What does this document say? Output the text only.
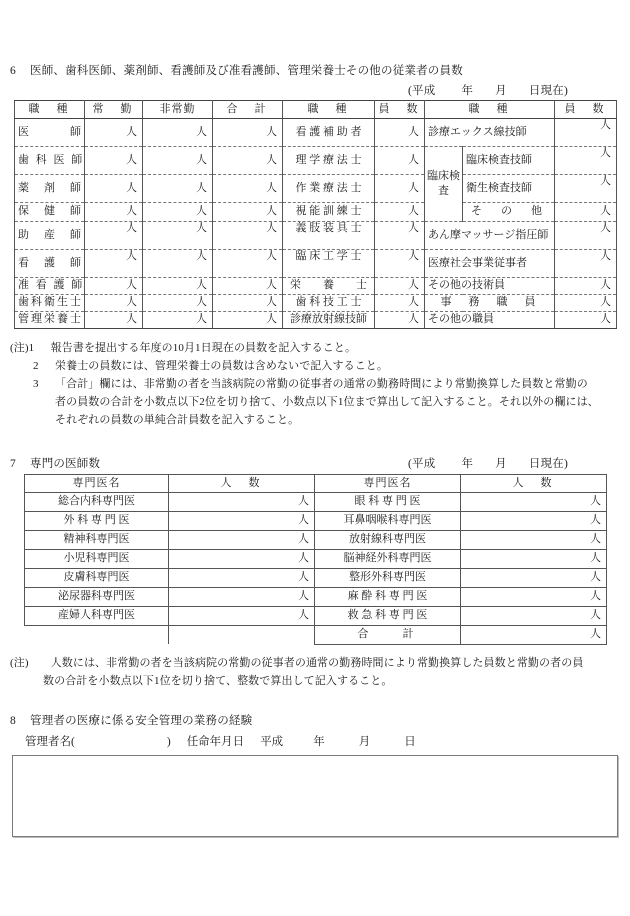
6 医師、歯科医師、薬剤師、看護師及び准看護師、管理栄養士その他の従業者の員数
(平成 年 月 日現在)
職　種	常　勤	非常勤	合　計	職　種	員　数	職　種		員　数
医　　　師	人	人	人	看 護 補 助 者	人	診療エックス線技師		人
歯 科 医 師	人	人	人	理 学 療 法 士	人	臨床検査	臨床検査技師	人
薬　剤　師	人	人	人	作 業 療 法 士	人		衛生検査技師	人
保　健　師	人	人	人	視 能 訓 練 士	人		そ　の　他	人
助　産　師	人	人	人	義 肢 装 具 士	人	あん摩マッサージ指圧師		人
看　護　師	人	人	人	臨 床 工 学 士	人	医療社会事業従事者		人
准 看 護 師	人	人	人	栄　　養　　士	人	その他の技術員		人
歯科衛生士	人	人	人	歯 科 技 工 士	人	事　務　職　員		人
管理栄養士	人	人	人	診療放射線技師	人	その他の職員		人
(注)1 報告書を提出する年度の10月1日現在の員数を記入すること。
2 栄養士の員数には、管理栄養士の員数は含めないで記入すること。
3 「合計」欄には、非常勤の者を当該病院の常勤の従事者の通常の勤務時間により常勤換算した員数と常勤の
者の員数の合計を小数点以下2位を切り捨て、小数点以下1位まで算出して記入すること。それ以外の欄には、
それぞれの員数の単純合計員数を記入すること。
7 専門の医師数	(平成 年 月 日現在)
専門医名	人　数	専門医名	人　数
総合内科専門医	人	眼 科 専 門 医	人
外 科 専 門 医	人	耳鼻咽喉科専門医	人
精神科専門医	人	放射線科専門医	人
小児科専門医	人	脳神経外科専門医	人
皮膚科専門医	人	整形外科専門医	人
泌尿器科専門医	人	麻 酔 科 専 門 医	人
産婦人科専門医	人	救 急 科 専 門 医	人
		合　　計	人
(注) 人数には、非常勤の者を当該病院の常勤の従事者の通常の勤務時間により常勤換算した員数と常勤の者の員
数の合計を小数点以下1位を切り捨て、整数で算出して記入すること。
8 管理者の医療に係る安全管理の業務の経験
管理者名(	) 任命年月日 平成	年	月	日
